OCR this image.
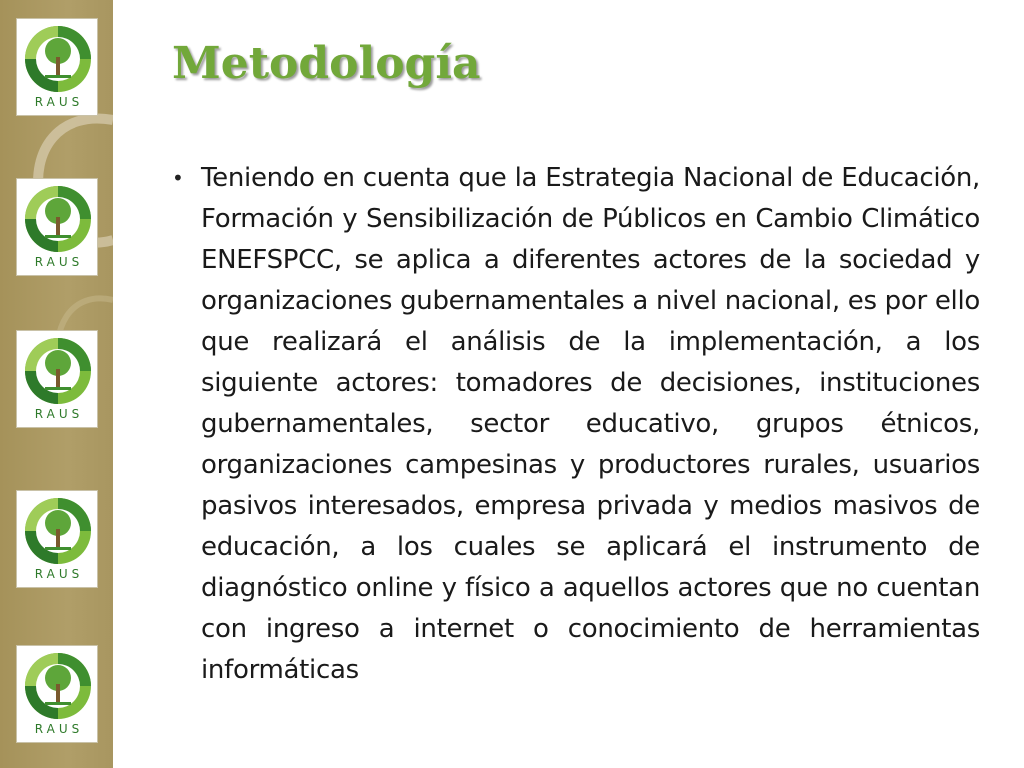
RAUS
RAUS
RAUS
RAUS
RAUS
Metodología
• Teniendo en cuenta que la Estrategia Nacional de Educación, Formación y Sensibilización de Públicos en Cambio Climático ENEFSPCC, se aplica a diferentes actores de la sociedad y organizaciones gubernamentales a nivel nacional, es por ello que realizará el análisis de la implementación, a los siguiente actores: tomadores de decisiones, instituciones gubernamentales, sector educativo, grupos étnicos, organizaciones campesinas y productores rurales, usuarios pasivos interesados, empresa privada y medios masivos de educación, a los cuales se aplicará el instrumento de diagnóstico online y físico a aquellos actores que no cuentan con ingreso a internet o conocimiento de herramientas informáticas
